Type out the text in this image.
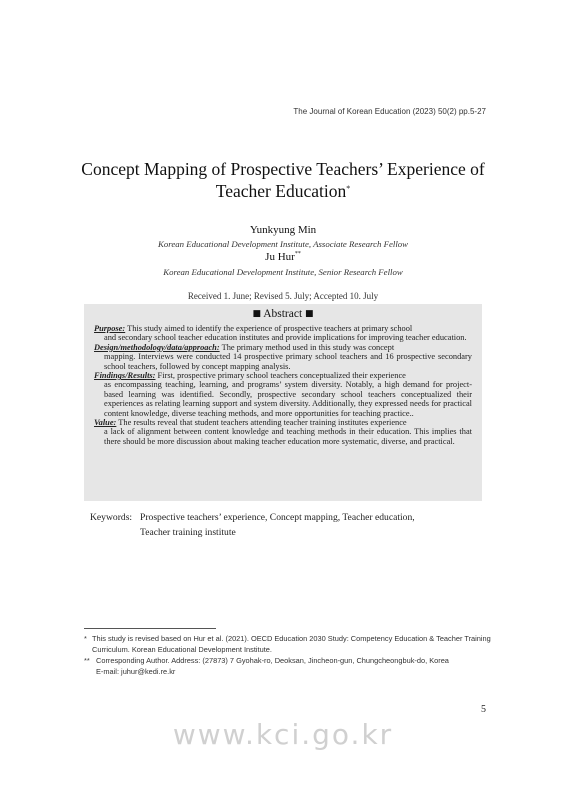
The Journal of Korean Education (2023) 50(2) pp.5-27
Concept Mapping of Prospective Teachers’ Experience of
Teacher Education*
Yunkyung Min
Korean Educational Development Institute, Associate Research Fellow
Ju Hur**
Korean Educational Development Institute, Senior Research Fellow
Received 1. June; Revised 5. July; Accepted 10. July
■ Abstract ■

Purpose: This study aimed to identify the experience of prospective teachers at primary school
and secondary school teacher education institutes and provide implications for improving teacher education.

Design/methodology/data/approach: The primary method used in this study was concept
mapping. Interviews were conducted 14 prospective primary school teachers and 16 prospective secondary school teachers, followed by concept mapping analysis.

Findings/Results: First, prospective primary school teachers conceptualized their experience
as encompassing teaching, learning, and programs’ system diversity. Notably, a high demand for project-based learning was identified. Secondly, prospective secondary school teachers conceptualized their experiences as relating learning support and system diversity. Additionally, they expressed needs for practical content knowledge, diverse teaching methods, and more opportunities for teaching practice..

Value: The results reveal that student teachers attending teacher training institutes experience
a lack of alignment between content knowledge and teaching methods in their education. This implies that there should be more discussion about making teacher education more systematic, diverse, and practical.

Keywords: Prospective teachers’ experience, Concept mapping, Teacher education,
Teacher training institute
* This study is revised based on Hur et al. (2021). OECD Education 2030 Study: Competency Education & Teacher Training Curriculum. Korean Educational Development Institute.
** Corresponding Author. Address: (27873) 7 Gyohak-ro, Deoksan, Jincheon-gun, Chungcheongbuk-do, Korea
E-mail: juhur@kedi.re.kr
5
www.kci.go.kr
